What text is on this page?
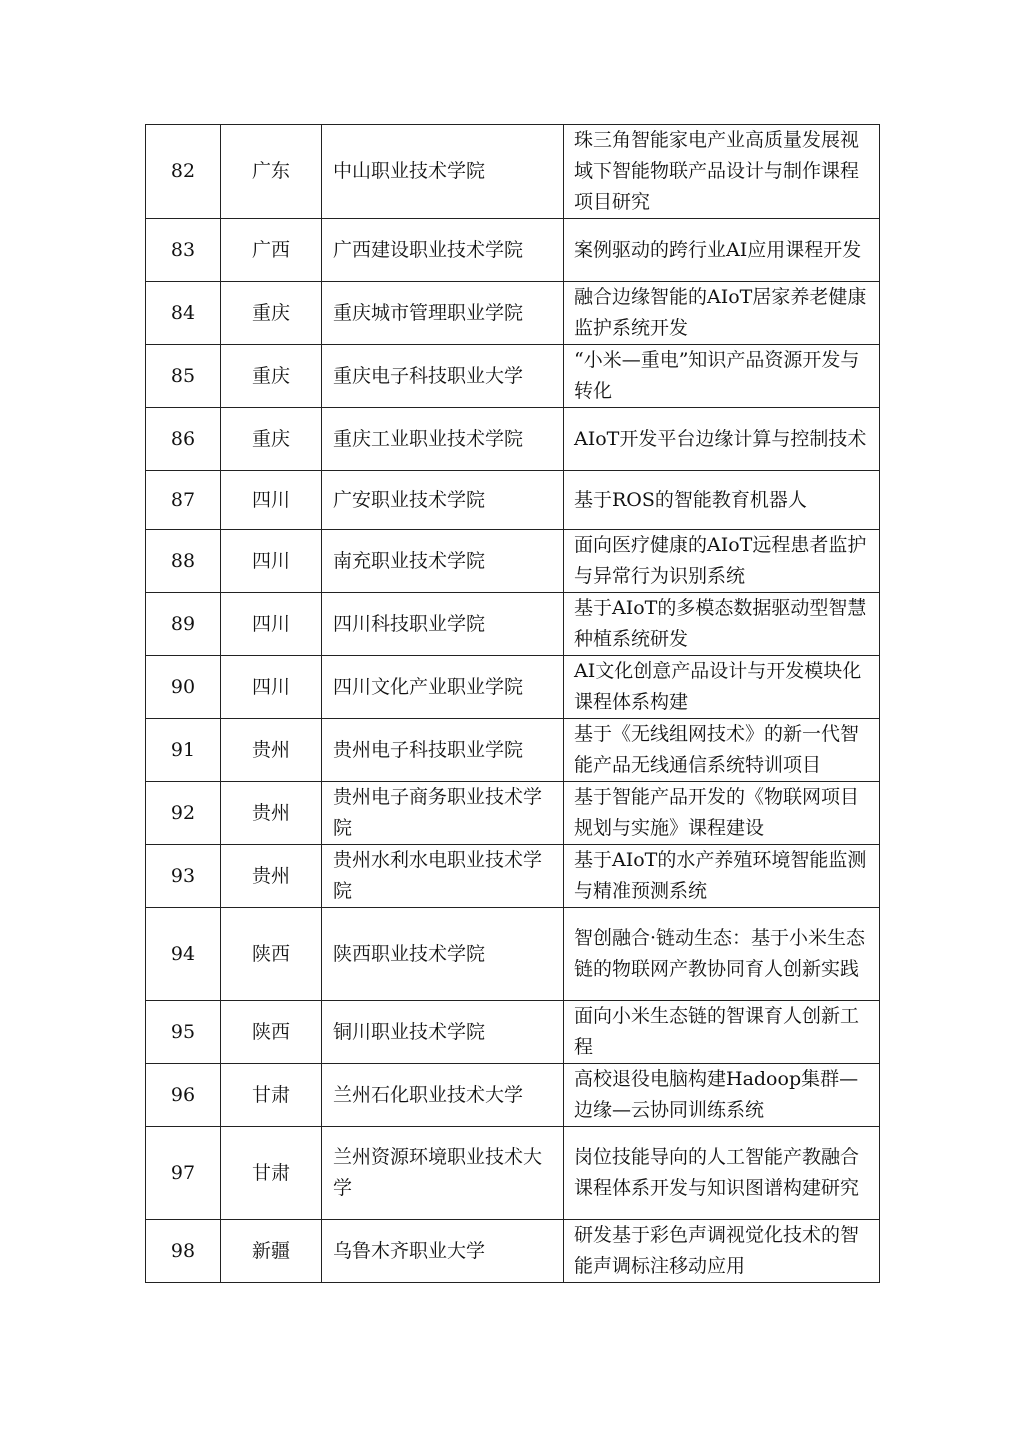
82	广东	中山职业技术学院	珠三角智能家电产业高质量发展视域下智能物联产品设计与制作课程项目研究
83	广西	广西建设职业技术学院	案例驱动的跨行业AI应用课程开发
84	重庆	重庆城市管理职业学院	融合边缘智能的AIoT居家养老健康监护系统开发
85	重庆	重庆电子科技职业大学	“小米—重电”知识产品资源开发与转化
86	重庆	重庆工业职业技术学院	AIoT开发平台边缘计算与控制技术
87	四川	广安职业技术学院	基于ROS的智能教育机器人
88	四川	南充职业技术学院	面向医疗健康的AIoT远程患者监护与异常行为识别系统
89	四川	四川科技职业学院	基于AIoT的多模态数据驱动型智慧种植系统研发
90	四川	四川文化产业职业学院	AI文化创意产品设计与开发模块化课程体系构建
91	贵州	贵州电子科技职业学院	基于《无线组网技术》的新一代智能产品无线通信系统特训项目
92	贵州	贵州电子商务职业技术学院	基于智能产品开发的《物联网项目规划与实施》课程建设
93	贵州	贵州水利水电职业技术学院	基于AIoT的水产养殖环境智能监测与精准预测系统
94	陕西	陕西职业技术学院	智创融合·链动生态：基于小米生态链的物联网产教协同育人创新实践
95	陕西	铜川职业技术学院	面向小米生态链的智课育人创新工程
96	甘肃	兰州石化职业技术大学	高校退役电脑构建Hadoop集群—边缘—云协同训练系统
97	甘肃	兰州资源环境职业技术大学	岗位技能导向的人工智能产教融合课程体系开发与知识图谱构建研究
98	新疆	乌鲁木齐职业大学	研发基于彩色声调视觉化技术的智能声调标注移动应用
